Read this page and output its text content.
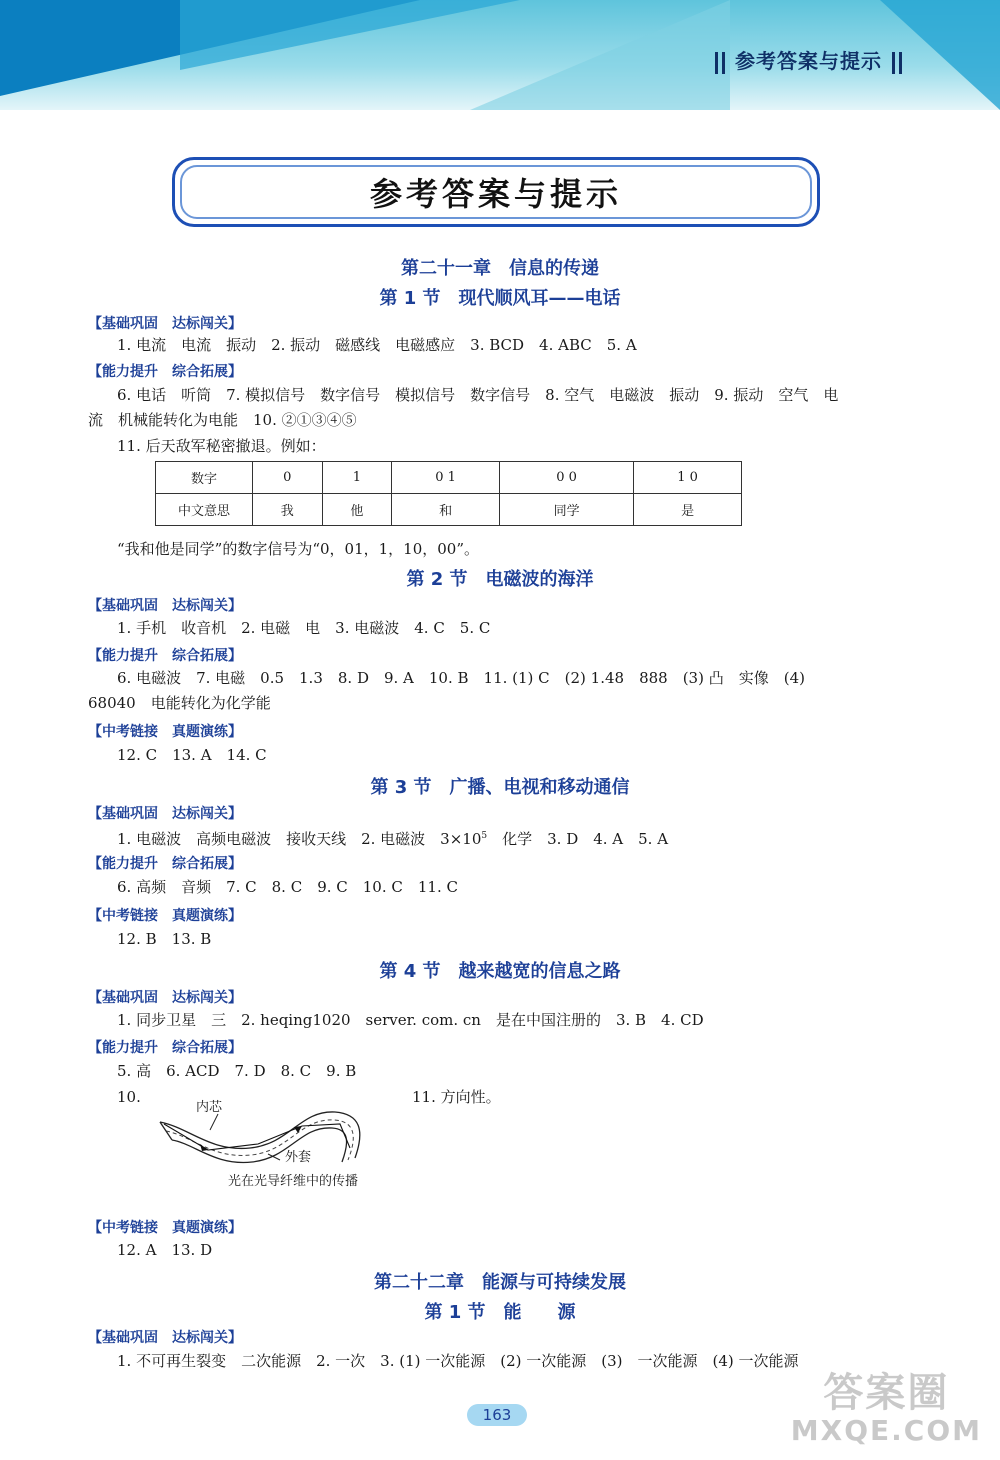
参考答案与提示
参考答案与提示
第二十一章　信息的传递
第 1 节　现代顺风耳——电话
【基础巩固　达标闯关】
1. 电流　电流　振动　2. 振动　磁感线　电磁感应　3. BCD　4. ABC　5. A
【能力提升　综合拓展】
6. 电话　听筒　7. 模拟信号　数字信号　模拟信号　数字信号　8. 空气　电磁波　振动　9. 振动　空气　电
流　机械能转化为电能　10. ②①③④⑤
11. 后天敌军秘密撤退。例如：
数字	0	1	0 1	0 0	1 0
中文意思	我	他	和	同学	是
“我和他是同学”的数字信号为“0，01，1，10，00”。
第 2 节　电磁波的海洋
【基础巩固　达标闯关】
1. 手机　收音机　2. 电磁　电　3. 电磁波　4. C　5. C
【能力提升　综合拓展】
6. 电磁波　7. 电磁　0.5　1.3　8. D　9. A　10. B　11. (1) C　(2) 1.48　888　(3) 凸　实像　(4)
68040　电能转化为化学能
【中考链接　真题演练】
12. C　13. A　14. C
第 3 节　广播、电视和移动通信
【基础巩固　达标闯关】
1. 电磁波　高频电磁波　接收天线　2. 电磁波　$3\times 10^5$　化学　3. D　4. A　5. A
【能力提升　综合拓展】
6. 高频　音频　7. C　8. C　9. C　10. C　11. C
【中考链接　真题演练】
12. B　13. B
第 4 节　越来越宽的信息之路
【基础巩固　达标闯关】
1. 同步卫星　三　2. heqing1020　server. com. cn　是在中国注册的　3. B　4. CD
【能力提升　综合拓展】
5. 高　6. ACD　7. D　8. C　9. B
10.	11. 方向性。
内芯
外套
光在光导纤维中的传播
【中考链接　真题演练】
12. A　13. D
第二十二章　能源与可持续发展
第 1 节　能　　源
【基础巩固　达标闯关】
1. 不可再生裂变　二次能源　2. 一次　3. (1) 一次能源　(2) 一次能源　(3)　一次能源　(4) 一次能源
163	答案圈
MXQE.COM
